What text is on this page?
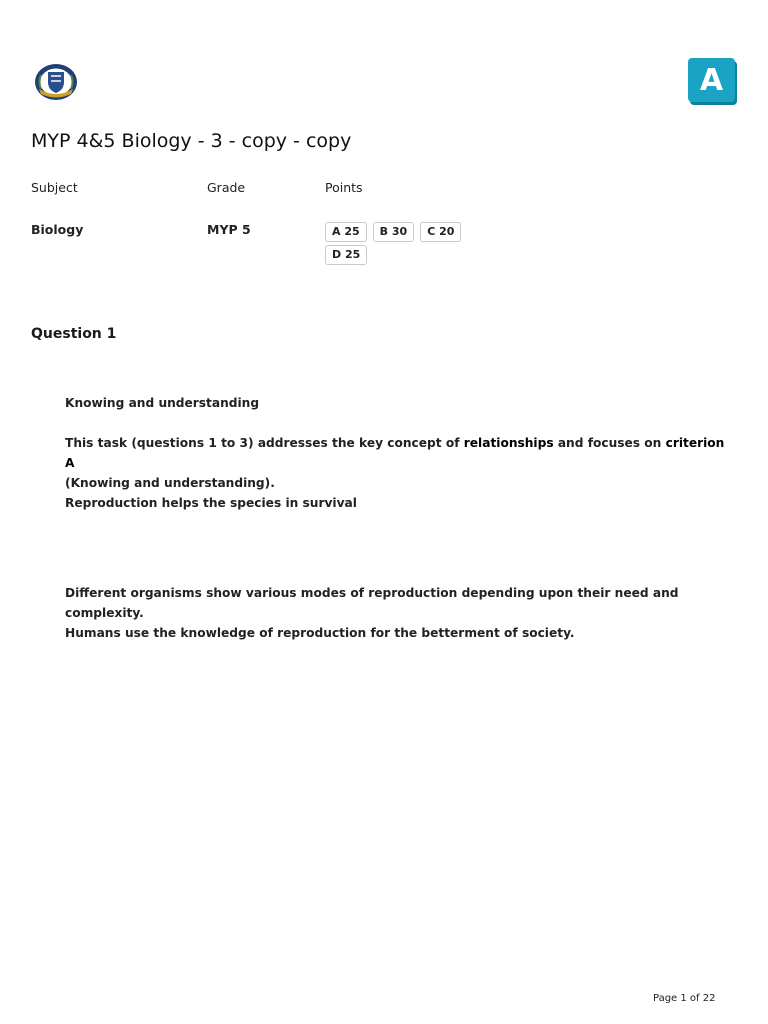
A
MYP 4&5 Biology - 3 - copy - copy
Subject	Grade	Points
Biology	MYP 5	A 25 B 30 C 20
D 25
Question 1

Knowing and understanding

This task (questions 1 to 3) addresses the key concept of relationships and focuses on criterion A
(Knowing and understanding).

Reproduction helps the species in survival

Different organisms show various modes of reproduction depending upon their need and complexity.
Humans use the knowledge of reproduction for the betterment of society.

Page 1 of 22
